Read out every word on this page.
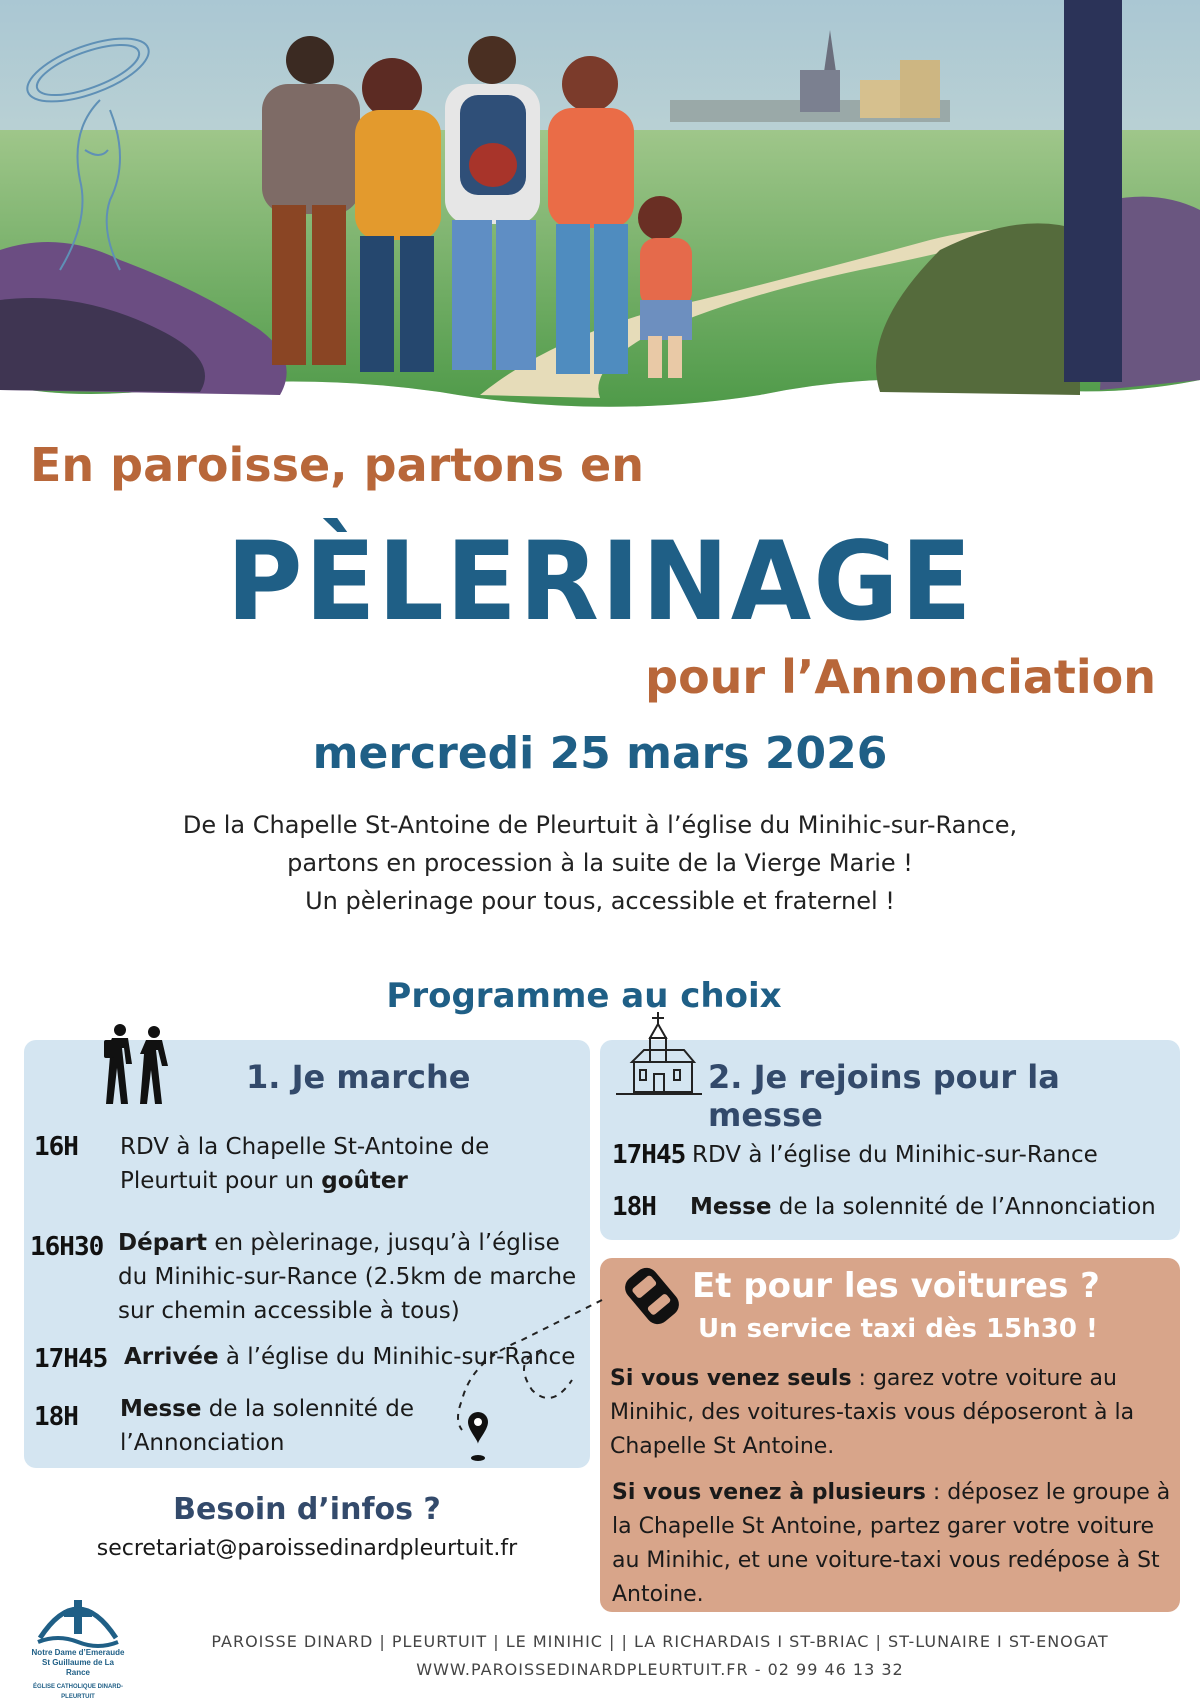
En paroisse, partons en
PÈLERINAGE
pour l’Annonciation
mercredi 25 mars 2026
De la Chapelle St-Antoine de Pleurtuit à l’église du Minihic-sur-Rance,
partons en procession à la suite de la Vierge Marie !
Un pèlerinage pour tous, accessible et fraternel !
Programme au choix
1. Je marche
16H RDV à la Chapelle St-Antoine de Pleurtuit pour un goûter
16H30 Départ en pèlerinage, jusqu’à l’église du Minihic-sur-Rance (2.5km de marche sur chemin accessible à tous)
17H45 Arrivée à l’église du Minihic-sur-Rance
18H Messe de la solennité de l’Annonciation
2. Je rejoins pour la messe
17H45 RDV à l’église du Minihic-sur-Rance
18H Messe de la solennité de l’Annonciation
Et pour les voitures ?
Un service taxi dès 15h30 !
Si vous venez seuls : garez votre voiture au Minihic, des voitures-taxis vous déposeront à la Chapelle St Antoine.
Si vous venez à plusieurs : déposez le groupe à la Chapelle St Antoine, partez garer votre voiture au Minihic, et une voiture-taxi vous redépose à St Antoine.
Besoin d’infos ?
secretariat@paroissedinardpleurtuit.fr
Notre Dame d’Emeraude
St Guillaume de La Rance
ÉGLISE CATHOLIQUE DINARD-PLEURTUIT
PAROISSE DINARD | PLEURTUIT | LE MINIHIC | | LA RICHARDAIS I ST-BRIAC | ST-LUNAIRE I ST-ENOGAT
WWW.PAROISSEDINARDPLEURTUIT.FR - 02 99 46 13 32
